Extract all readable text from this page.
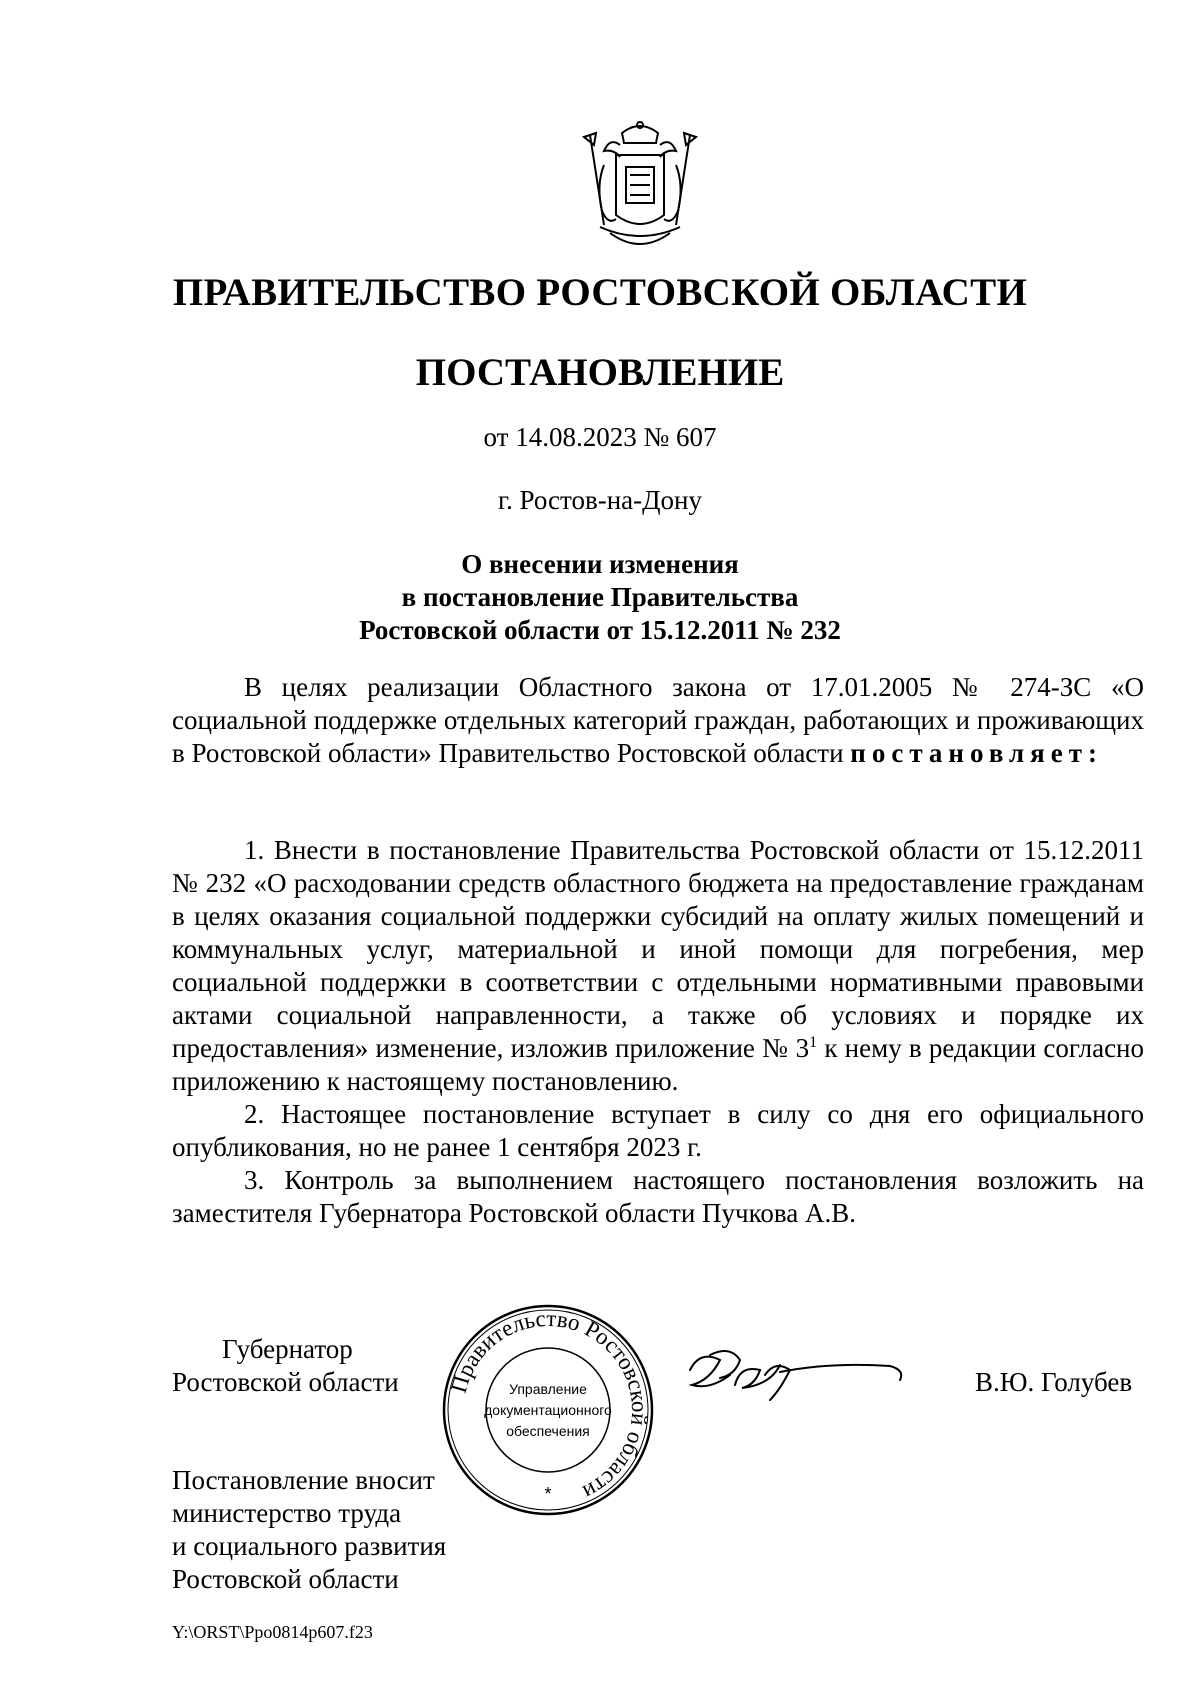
ПРАВИТЕЛЬСТВО РОСТОВСКОЙ ОБЛАСТИ
ПОСТАНОВЛЕНИЕ
от 14.08.2023 № 607
г. Ростов-на-Дону
О внесении изменения
в постановление Правительства
Ростовской области от 15.12.2011 № 232

В целях реализации Областного закона от 17.01.2005 № 274-ЗС «О социальной поддержке отдельных категорий граждан, работающих и проживающих в Ростовской области» Правительство Ростовской области постановляет:

1. Внести в постановление Правительства Ростовской области от 15.12.2011 № 232 «О расходовании средств областного бюджета на предоставление гражданам в целях оказания социальной поддержки субсидий на оплату жилых помещений и коммунальных услуг, материальной и иной помощи для погребения, мер социальной поддержки в соответствии с отдельными нормативными правовыми актами социальной направленности, а также об условиях и порядке их предоставления» изменение, изложив приложение № $3^1$ к нему в редакции согласно приложению к настоящему постановлению.

2. Настоящее постановление вступает в силу со дня его официального опубликования, но не ранее 1 сентября 2023 г.

3. Контроль за выполнением настоящего постановления возложить на заместителя Губернатора Ростовской области Пучкова А.В.

Губернатор
Ростовской области Правительство Ростовской области
Управление
документационного
обеспечения
*
В.Ю. Голубев
Постановление вносит
министерство труда
и социального развития
Ростовской области
Y:\ORST\Ppo0814p607.f23
